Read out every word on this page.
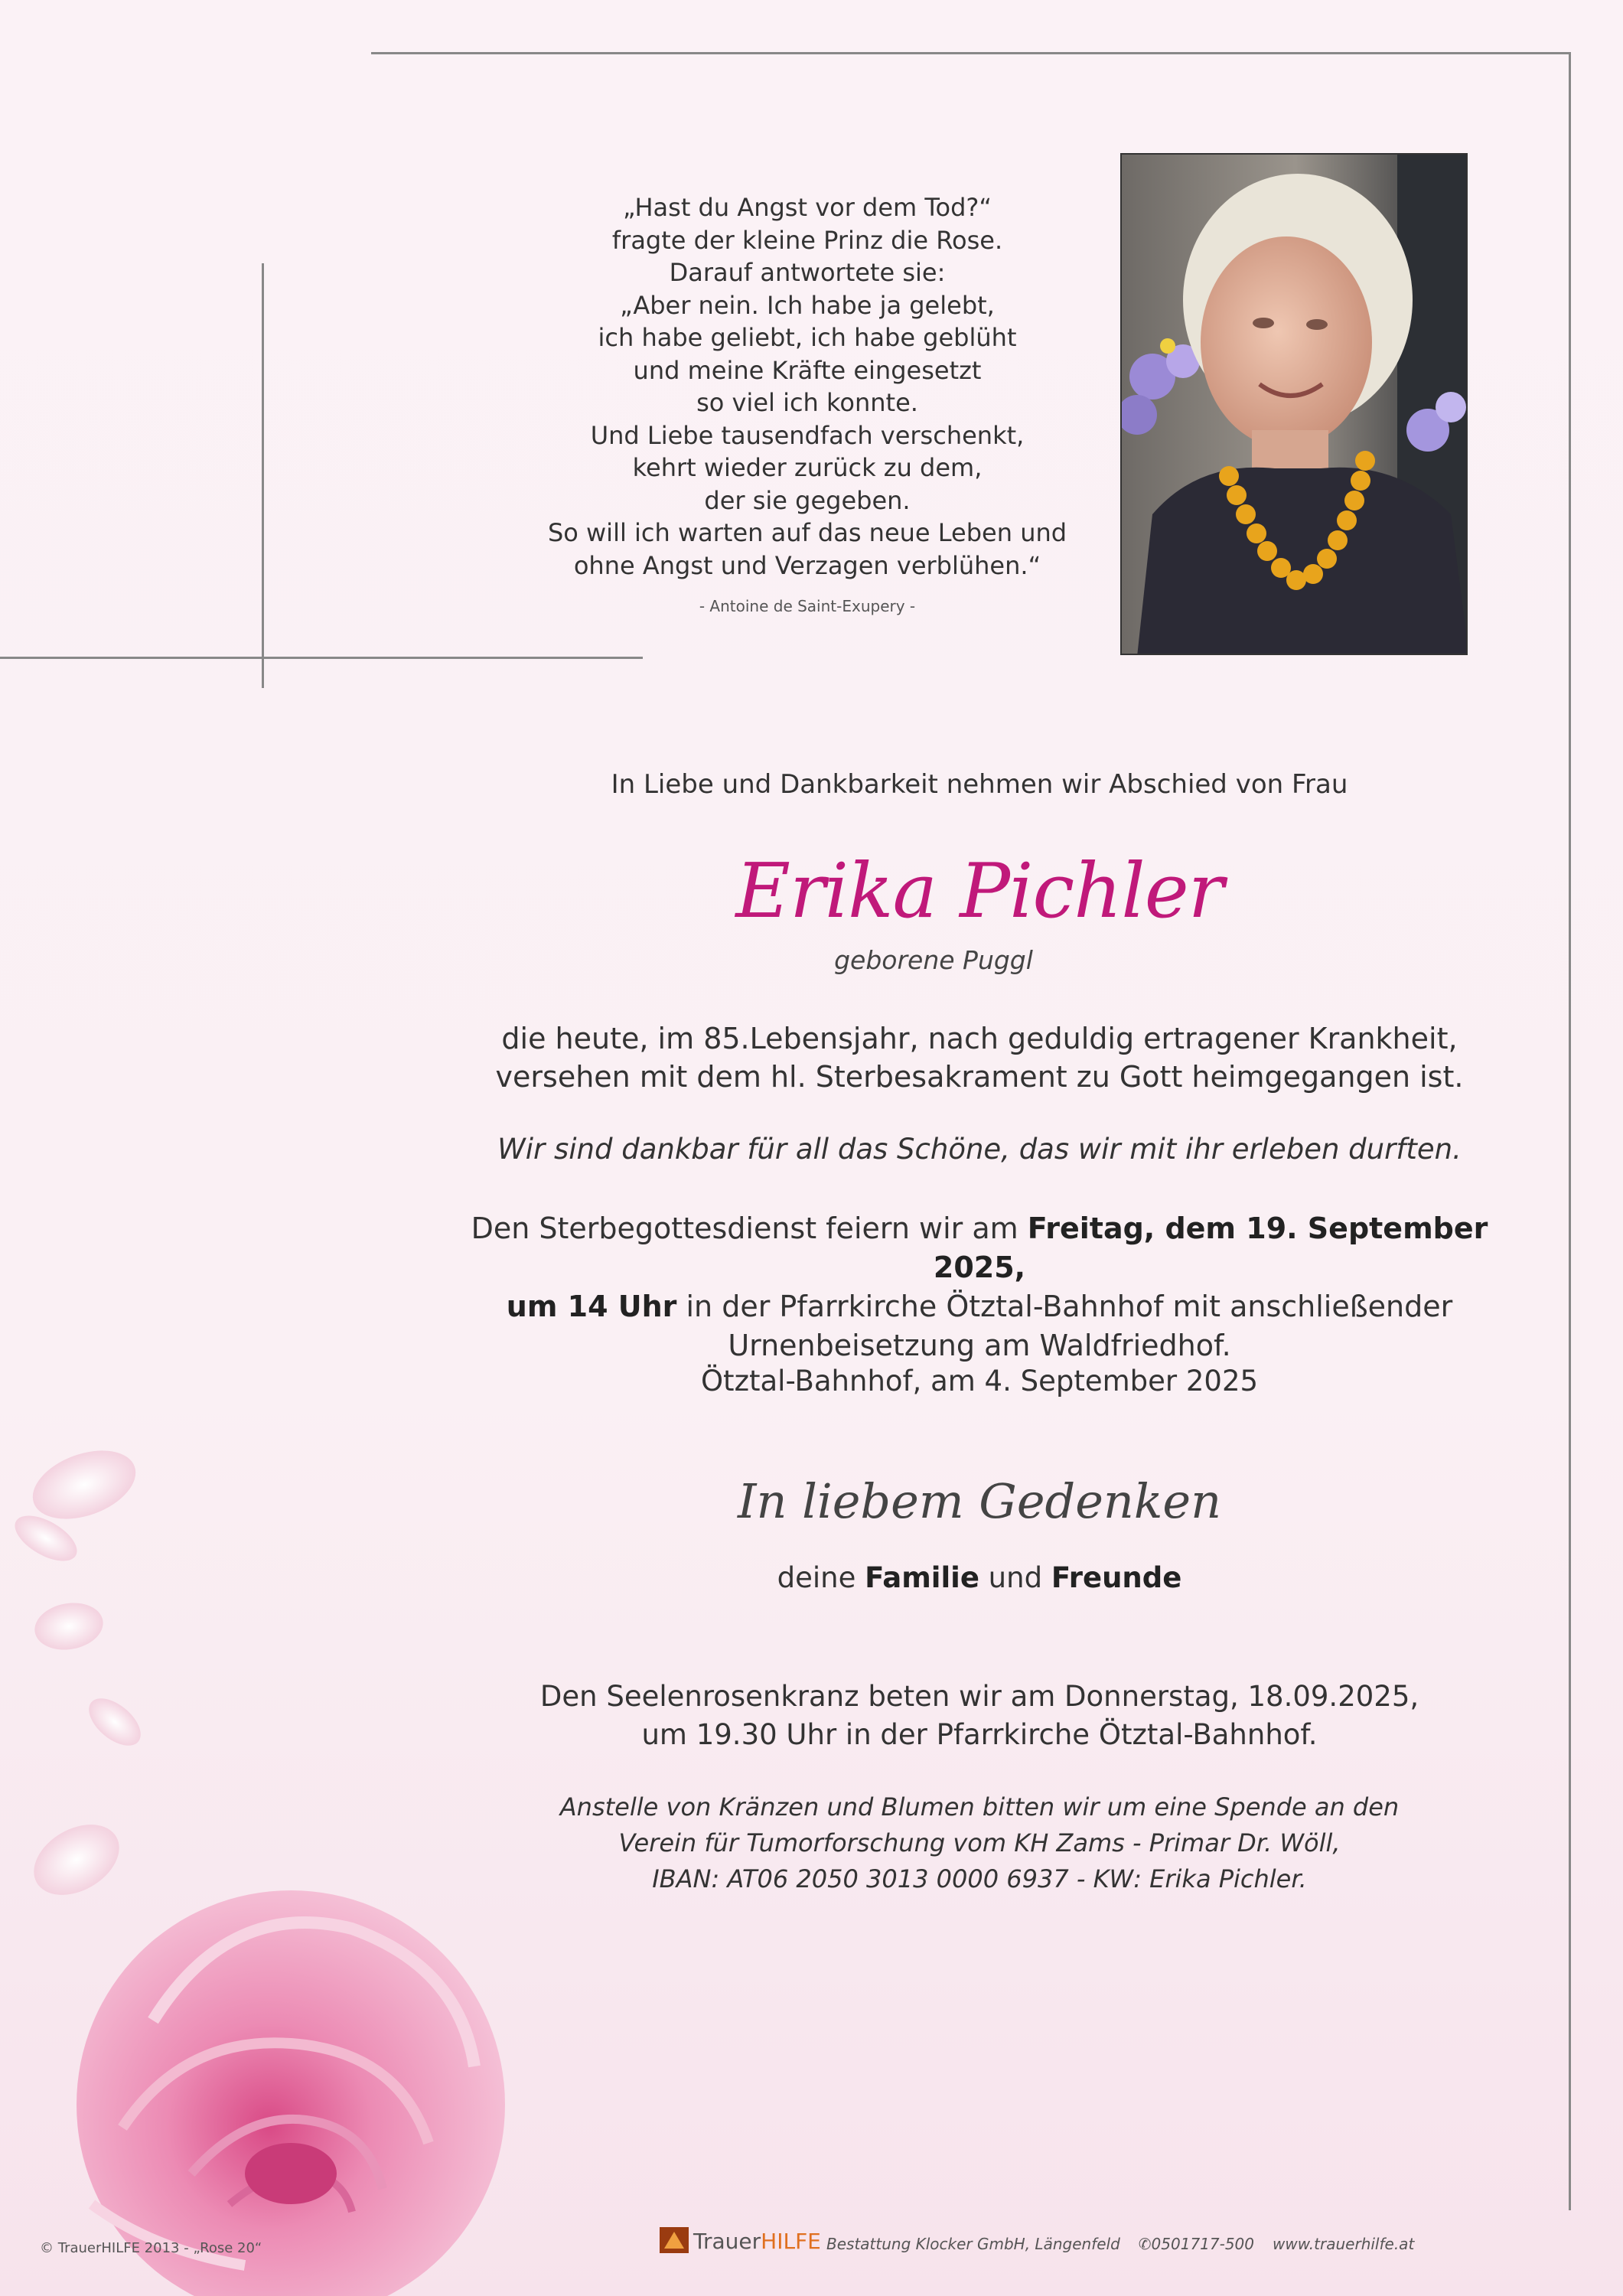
„Hast du Angst vor dem Tod?“
fragte der kleine Prinz die Rose.
Darauf antwortete sie:
„Aber nein. Ich habe ja gelebt,
ich habe geliebt, ich habe geblüht
und meine Kräfte eingesetzt
so viel ich konnte.
Und Liebe tausendfach verschenkt,
kehrt wieder zurück zu dem,
der sie gegeben.
So will ich warten auf das neue Leben und
ohne Angst und Verzagen verblühen.“
- Antoine de Saint-Exupery -
In Liebe und Dankbarkeit nehmen wir Abschied von Frau
Erika Pichler
geborene Puggl
die heute, im 85.Lebensjahr, nach geduldig ertragener Krankheit,
versehen mit dem hl. Sterbesakrament zu Gott heimgegangen ist.
Wir sind dankbar für all das Schöne, das wir mit ihr erleben durften.
Den Sterbegottesdienst feiern wir am Freitag, dem 19. September 2025,
um 14 Uhr in der Pfarrkirche Ötztal-Bahnhof mit anschließender
Urnenbeisetzung am Waldfriedhof.
Ötztal-Bahnhof, am 4. September 2025
In liebem Gedenken
deine Familie und Freunde
Den Seelenrosenkranz beten wir am Donnerstag, 18.09.2025,
um 19.30 Uhr in der Pfarrkirche Ötztal-Bahnhof.
Anstelle von Kränzen und Blumen bitten wir um eine Spende an den
Verein für Tumorforschung vom KH Zams - Primar Dr. Wöll,
IBAN: AT06 2050 3013 0000 6937 - KW: Erika Pichler.
© TrauerHILFE 2013 - „Rose 20“	TrauerHILFE Bestattung Klocker GmbH, Längenfeld ✆0501717-500 www.trauerhilfe.at
